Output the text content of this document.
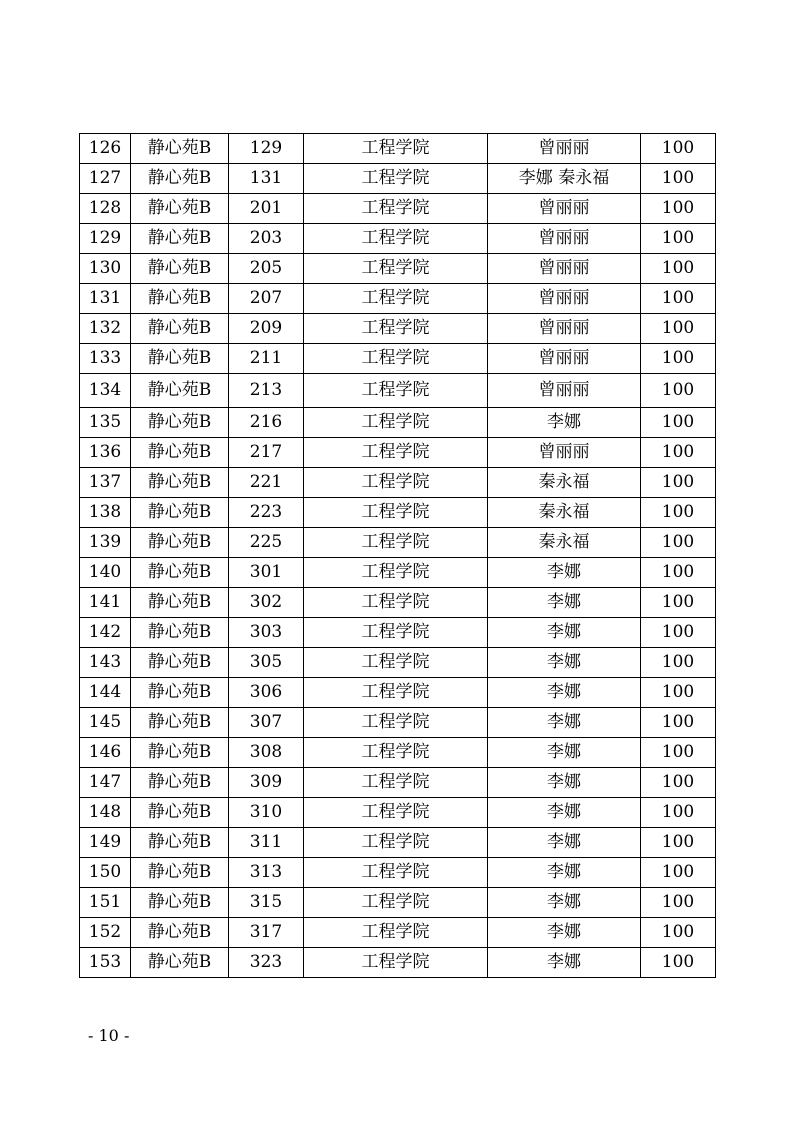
126	静心苑B	129	工程学院	曾丽丽	100
127	静心苑B	131	工程学院	李娜 秦永福	100
128	静心苑B	201	工程学院	曾丽丽	100
129	静心苑B	203	工程学院	曾丽丽	100
130	静心苑B	205	工程学院	曾丽丽	100
131	静心苑B	207	工程学院	曾丽丽	100
132	静心苑B	209	工程学院	曾丽丽	100
133	静心苑B	211	工程学院	曾丽丽	100
134	静心苑B	213	工程学院	曾丽丽	100
135	静心苑B	216	工程学院	李娜	100
136	静心苑B	217	工程学院	曾丽丽	100
137	静心苑B	221	工程学院	秦永福	100
138	静心苑B	223	工程学院	秦永福	100
139	静心苑B	225	工程学院	秦永福	100
140	静心苑B	301	工程学院	李娜	100
141	静心苑B	302	工程学院	李娜	100
142	静心苑B	303	工程学院	李娜	100
143	静心苑B	305	工程学院	李娜	100
144	静心苑B	306	工程学院	李娜	100
145	静心苑B	307	工程学院	李娜	100
146	静心苑B	308	工程学院	李娜	100
147	静心苑B	309	工程学院	李娜	100
148	静心苑B	310	工程学院	李娜	100
149	静心苑B	311	工程学院	李娜	100
150	静心苑B	313	工程学院	李娜	100
151	静心苑B	315	工程学院	李娜	100
152	静心苑B	317	工程学院	李娜	100
153	静心苑B	323	工程学院	李娜	100
- 10 -
